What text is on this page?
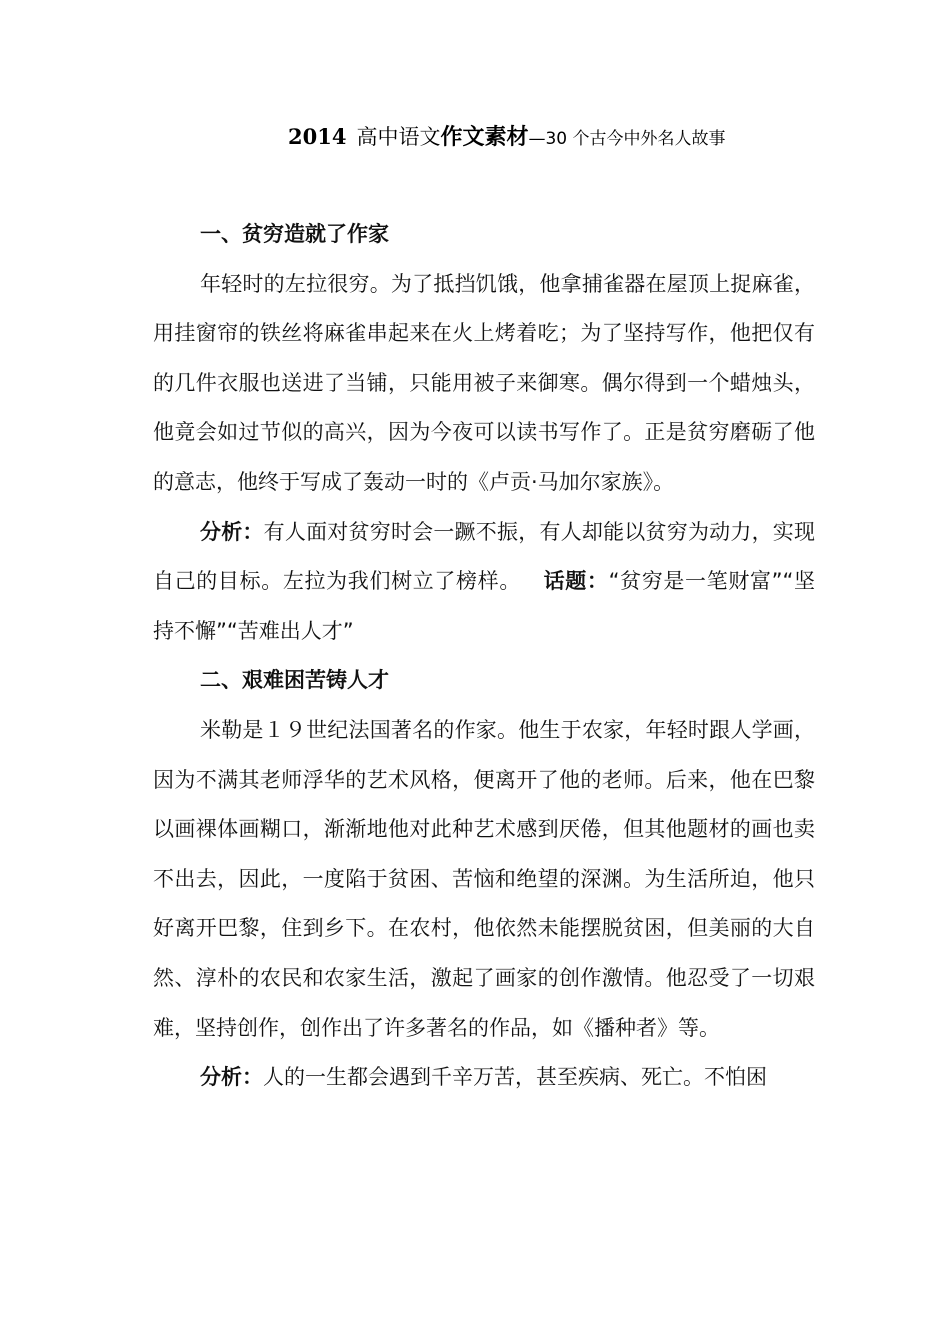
2014 高中语文作文素材—30 个古今中外名人故事
一、贫穷造就了作家

年轻时的左拉很穷。为了抵挡饥饿，他拿捕雀器在屋顶上捉麻雀，用挂窗帘的铁丝将麻雀串起来在火上烤着吃；为了坚持写作，他把仅有的几件衣服也送进了当铺，只能用被子来御寒。偶尔得到一个蜡烛头，他竟会如过节似的高兴，因为今夜可以读书写作了。正是贫穷磨砺了他的意志，他终于写成了轰动一时的《卢贡·马加尔家族》。

分析：有人面对贫穷时会一蹶不振，有人却能以贫穷为动力，实现自己的目标。左拉为我们树立了榜样。 话题：“贫穷是一笔财富”“坚持不懈”“苦难出人才”

二、艰难困苦铸人才

米勒是１９世纪法国著名的作家。他生于农家，年轻时跟人学画，因为不满其老师浮华的艺术风格，便离开了他的老师。后来，他在巴黎以画裸体画糊口，渐渐地他对此种艺术感到厌倦，但其他题材的画也卖不出去，因此，一度陷于贫困、苦恼和绝望的深渊。为生活所迫，他只好离开巴黎，住到乡下。在农村，他依然未能摆脱贫困，但美丽的大自然、淳朴的农民和农家生活，激起了画家的创作激情。他忍受了一切艰难，坚持创作，创作出了许多著名的作品，如《播种者》等。

分析：人的一生都会遇到千辛万苦，甚至疾病、死亡。不怕困
